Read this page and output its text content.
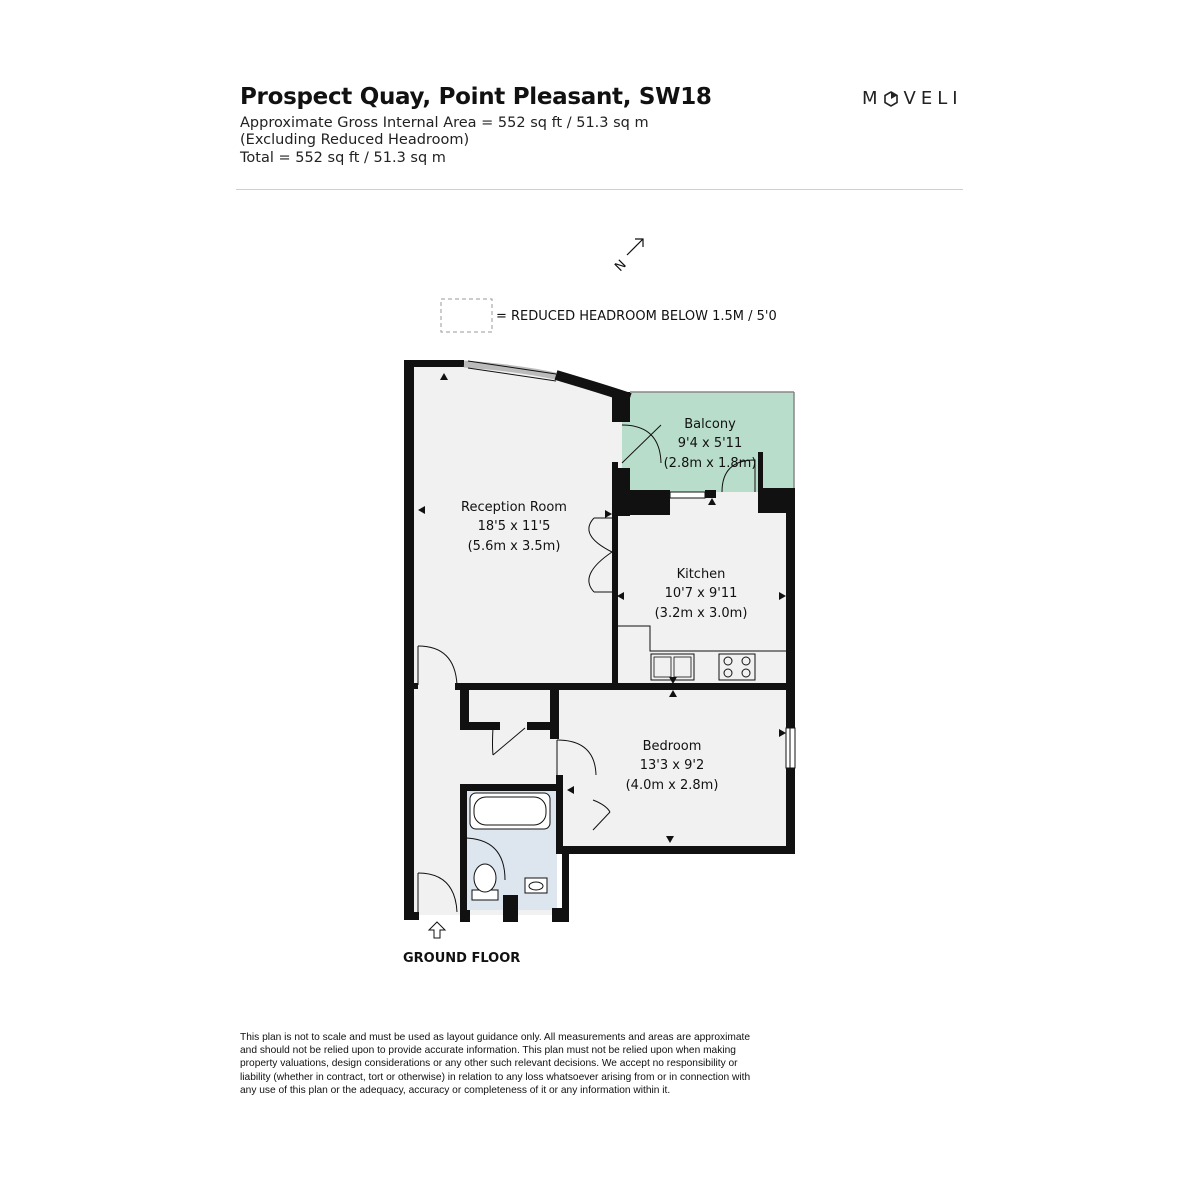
Prospect Quay, Point Pleasant, SW18
Approximate Gross Internal Area = 552 sq ft / 51.3 sq m
(Excluding Reduced Headroom)
Total = 552 sq ft / 51.3 sq m
M VELI
N
= REDUCED HEADROOM BELOW 1.5M / 5'0
Reception Room
18'5 x 11'5
(5.6m x 3.5m)
Balcony
9'4 x 5'11
(2.8m x 1.8m)
Kitchen
10'7 x 9'11
(3.2m x 3.0m)
Bedroom
13'3 x 9'2
(4.0m x 2.8m)
GROUND FLOOR
This plan is not to scale and must be used as layout guidance only. All measurements and areas are approximate
and should not be relied upon to provide accurate information. This plan must not be relied upon when making
property valuations, design considerations or any other such relevant decisions. We accept no responsibility or
liability (whether in contract, tort or otherwise) in relation to any loss whatsoever arising from or in connection with
any use of this plan or the adequacy, accuracy or completeness of it or any information within it.
